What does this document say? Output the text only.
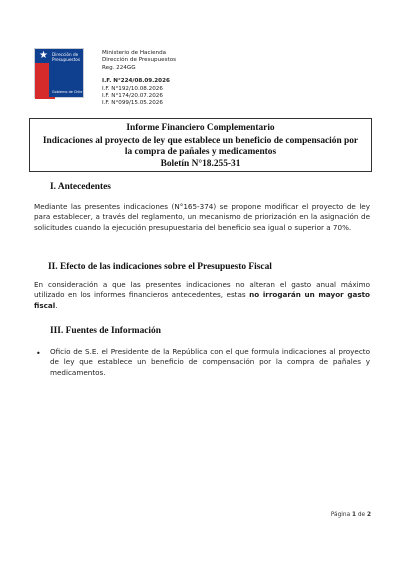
★ Dirección de
Presupuestos
Gobierno de Chile
Ministerio de Hacienda
Dirección de Presupuestos
Reg. 224GG
I.F. N°224/08.09.2026
I.F. N°192/10.08.2026
I.F. N°174/20.07.2026
I.F. N°099/15.05.2026
Informe Financiero Complementario
Indicaciones al proyecto de ley que establece un beneficio de compensación por la compra de pañales y medicamentos
Boletín N°18.255-31
I. Antecedentes
Mediante las presentes indicaciones (N°165-374) se propone modificar el proyecto de ley para establecer, a través del reglamento, un mecanismo de priorización en la asignación de solicitudes cuando la ejecución presupuestaria del beneficio sea igual o superior a 70%.
II. Efecto de las indicaciones sobre el Presupuesto Fiscal
En consideración a que las presentes indicaciones no alteran el gasto anual máximo utilizado en los informes financieros antecedentes, estas no irrogarán un mayor gasto fiscal.
III. Fuentes de Información
• Oficio de S.E. el Presidente de la República con el que formula indicaciones al proyecto de ley que establece un beneficio de compensación por la compra de pañales y medicamentos.
Página 1 de 2
